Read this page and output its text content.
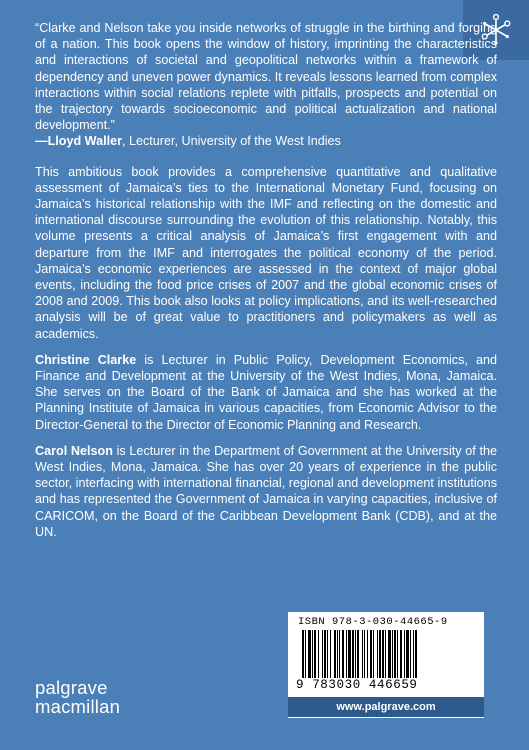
“Clarke and Nelson take you inside networks of struggle in the birthing and forging of a nation. This book opens the window of history, imprinting the characteristics and interactions of societal and geopolitical networks within a framework of dependency and uneven power dynamics. It reveals lessons learned from complex interactions within social relations replete with pitfalls, prospects and potential on the trajectory towards socioeconomic and political actualization and national development.”

—Lloyd Waller, Lecturer, University of the West Indies

This ambitious book provides a comprehensive quantitative and qualitative assessment of Jamaica’s ties to the International Monetary Fund, focusing on Jamaica’s historical relationship with the IMF and reflecting on the domestic and international discourse surrounding the evolution of this relationship. Notably, this volume presents a critical analysis of Jamaica’s first engagement with and departure from the IMF and interrogates the political economy of the period. Jamaica’s economic experiences are assessed in the context of major global events, including the food price crises of 2007 and the global economic crises of 2008 and 2009. This book also looks at policy implications, and its well-researched analysis will be of great value to practitioners and policymakers as well as academics.

Christine Clarke is Lecturer in Public Policy, Development Economics, and Finance and Development at the University of the West Indies, Mona, Jamaica. She serves on the Board of the Bank of Jamaica and she has worked at the Planning Institute of Jamaica in various capacities, from Economic Advisor to the Director-General to the Director of Economic Planning and Research.

Carol Nelson is Lecturer in the Department of Government at the University of the West Indies, Mona, Jamaica. She has over 20 years of experience in the public sector, interfacing with international financial, regional and development institutions and has represented the Government of Jamaica in varying capacities, inclusive of CARICOM, on the Board of the Caribbean Development Bank (CDB), and at the UN.

ISBN 978-3-030-44665-9
9 783030 446659
www.palgrave.com
palgrave
macmillan
